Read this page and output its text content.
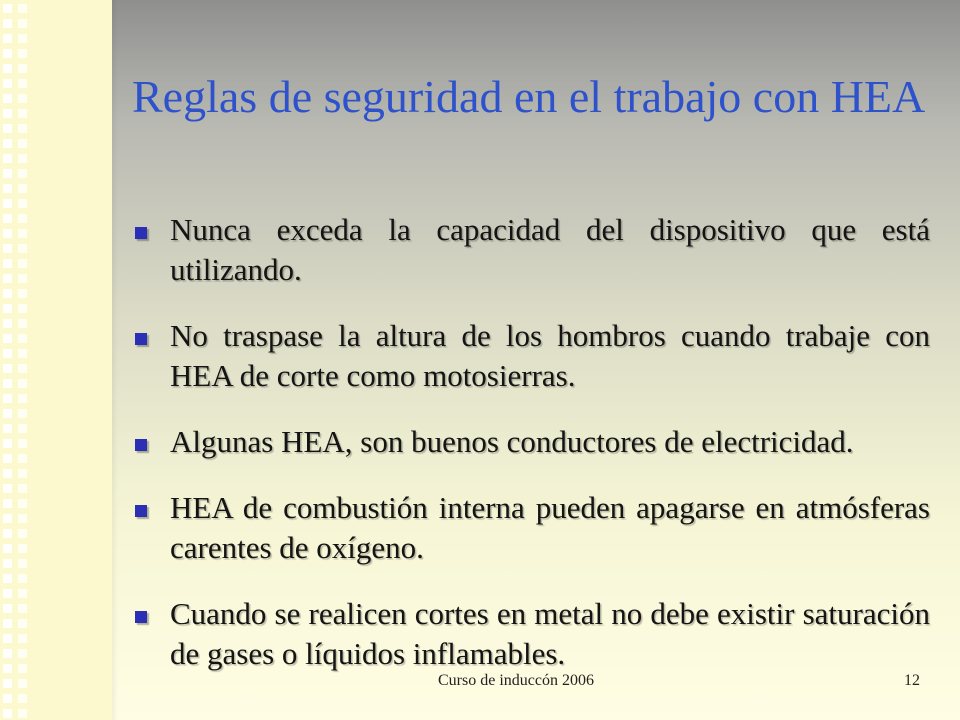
Reglas de seguridad en el trabajo con HEA
Nunca exceda la capacidad del dispositivo que está utilizando.
No traspase la altura de los hombros cuando trabaje con HEA de corte como motosierras.
Algunas HEA, son buenos conductores de electricidad.
HEA de combustión interna pueden apagarse en atmósferas carentes de oxígeno.
Cuando se realicen cortes en metal no debe existir saturación de gases o líquidos inflamables.
Curso de induccón 2006	12
